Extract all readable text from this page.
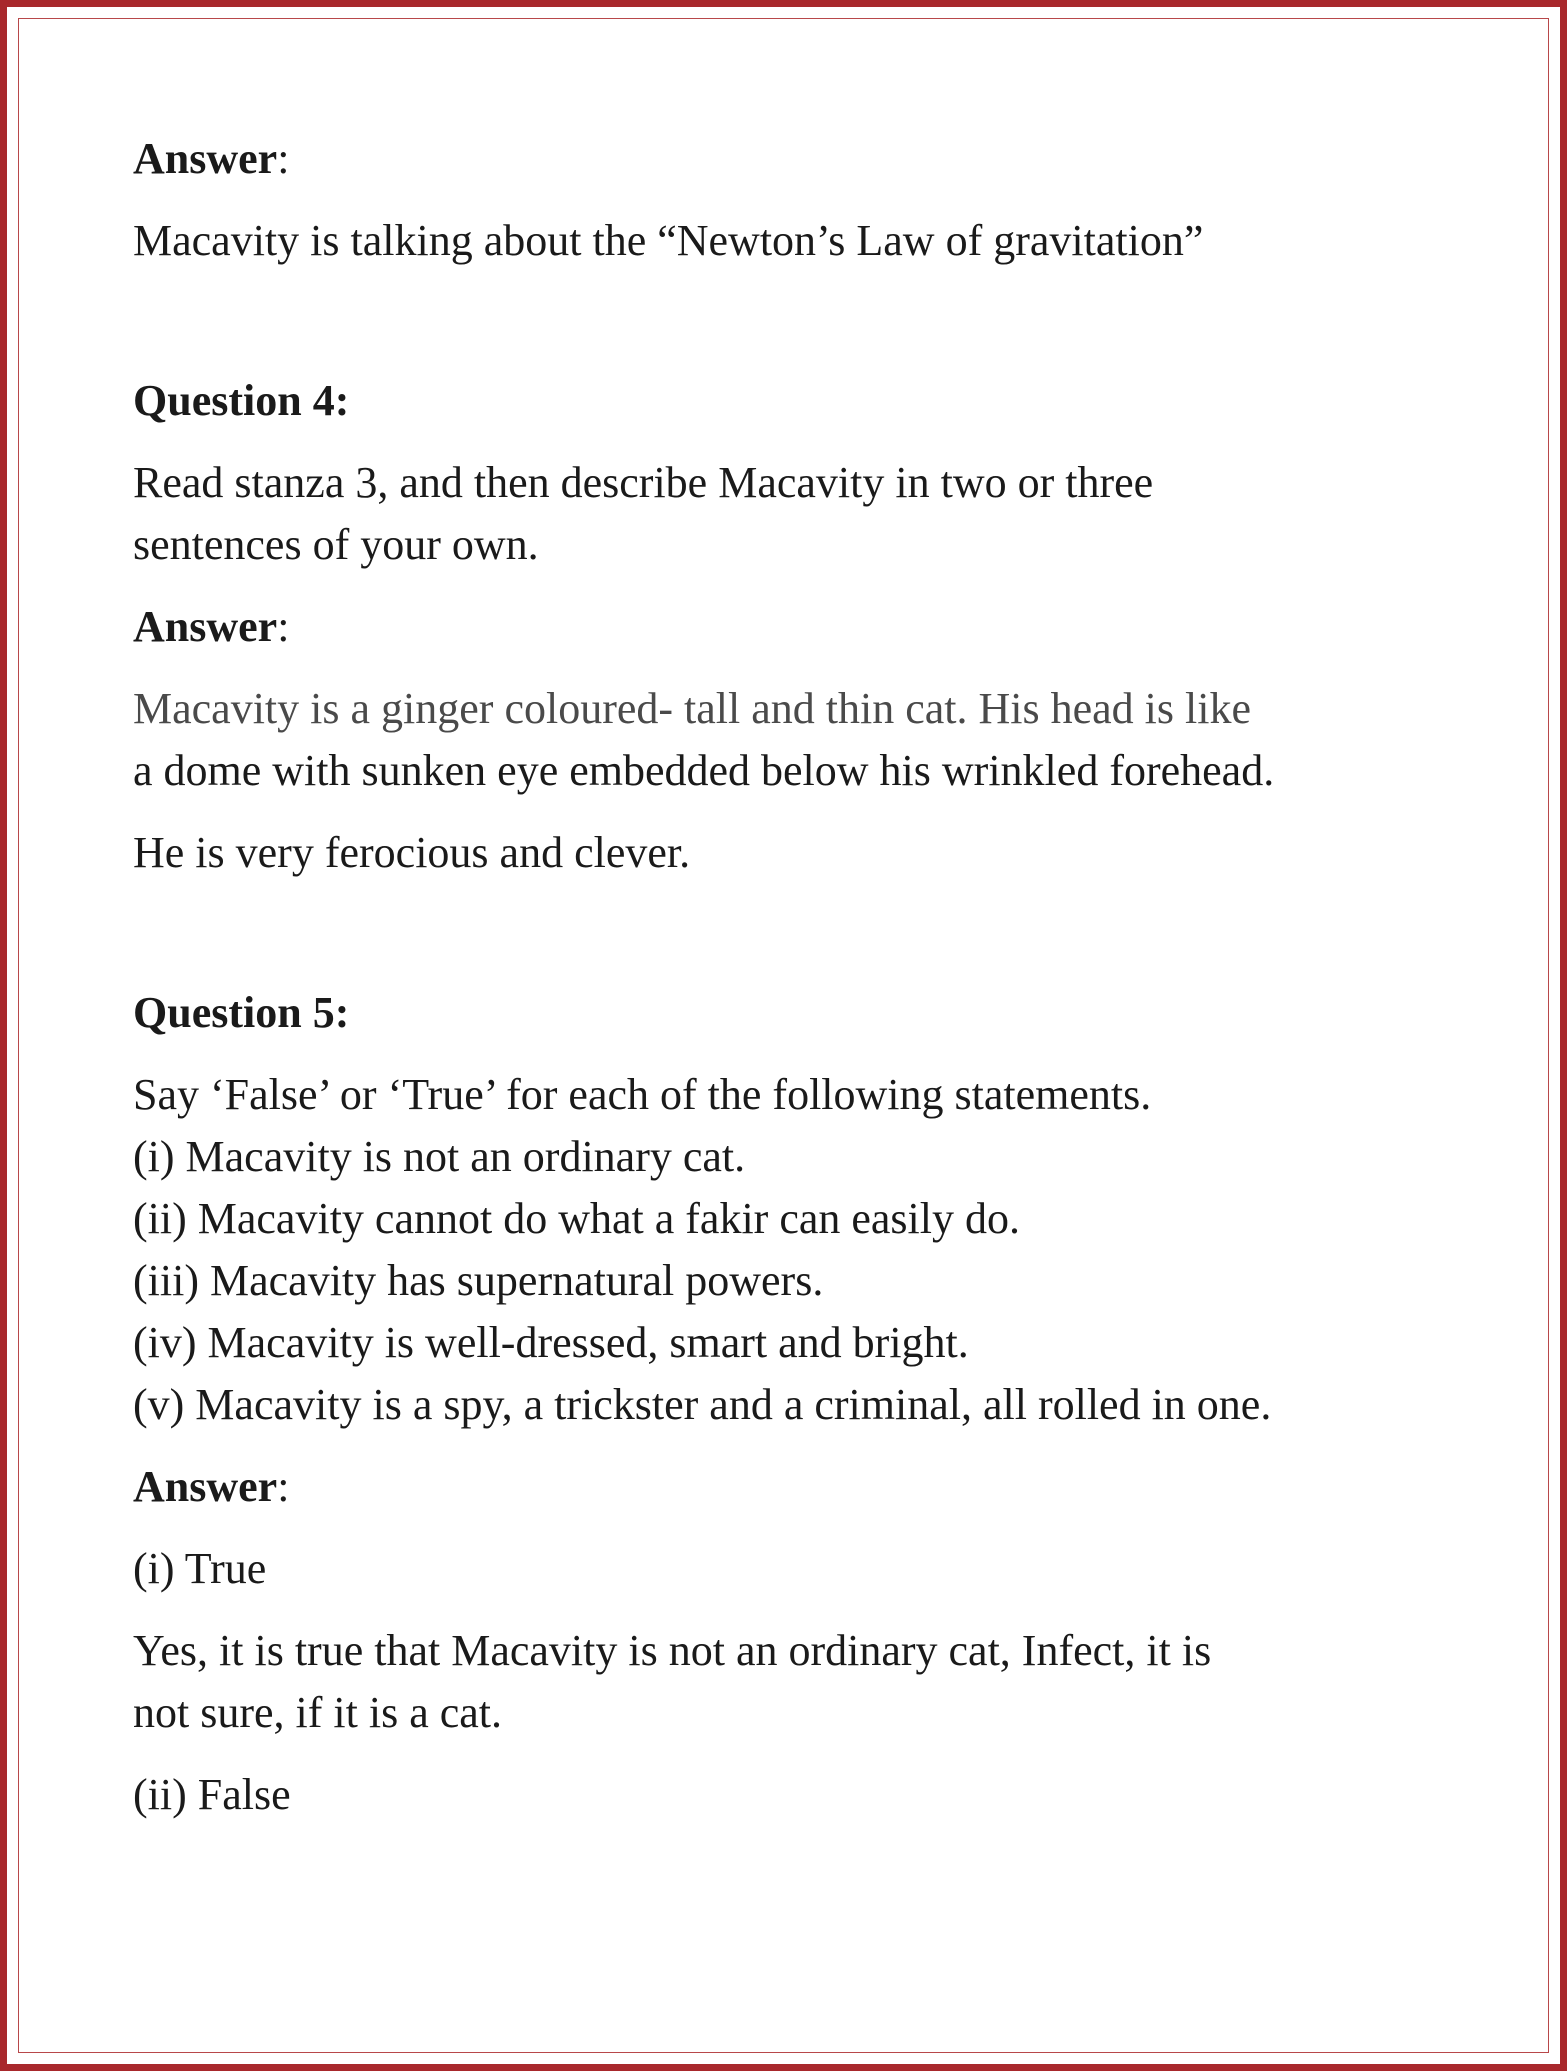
Answer:

Macavity is talking about the “Newton’s Law of gravitation”

Question 4:

Read stanza 3, and then describe Macavity in two or three

sentences of your own.

Answer:

Macavity is a ginger coloured- tall and thin cat. His head is like

a dome with sunken eye embedded below his wrinkled forehead.

He is very ferocious and clever.

Question 5:

Say ‘False’ or ‘True’ for each of the following statements.

(i) Macavity is not an ordinary cat.

(ii) Macavity cannot do what a fakir can easily do.

(iii) Macavity has supernatural powers.

(iv) Macavity is well-dressed, smart and bright.

(v) Macavity is a spy, a trickster and a criminal, all rolled in one.

Answer:

(i) True

Yes, it is true that Macavity is not an ordinary cat, Infect, it is

not sure, if it is a cat.

(ii) False
